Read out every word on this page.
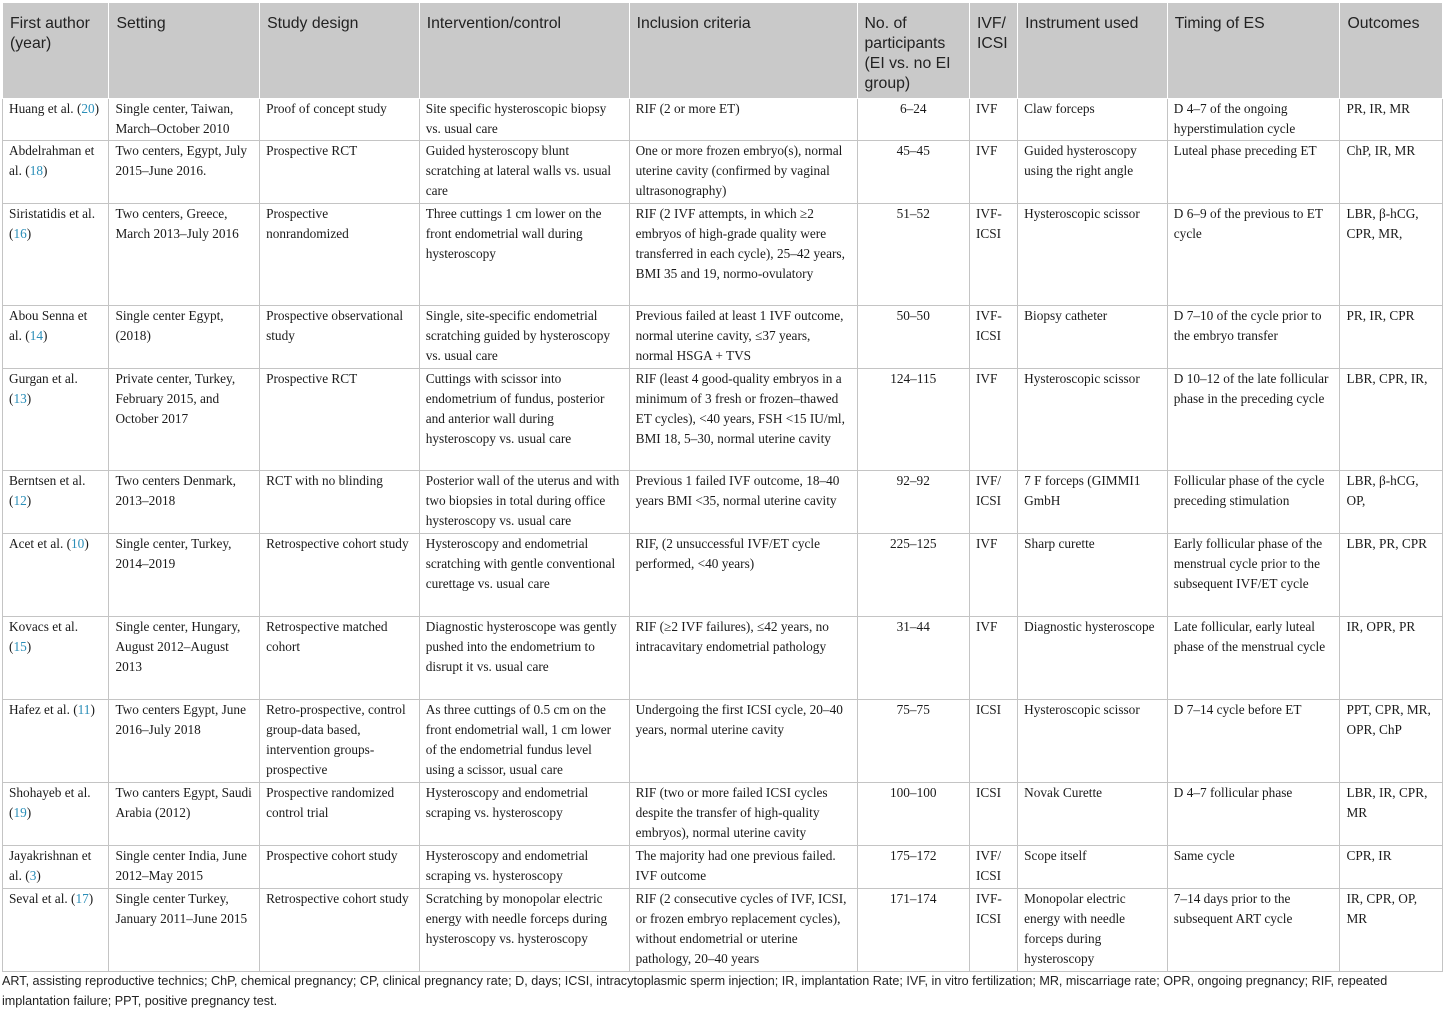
First author (year)	Setting	Study design	Intervention/control	Inclusion criteria	No. of participants (EI vs. no EI group)	IVF/ ICSI	Instrument used	Timing of ES	Outcomes
Huang et al. (20)	Single center, Taiwan, March–October 2010	Proof of concept study	Site specific hysteroscopic biopsy vs. usual care	RIF (2 or more ET)	6–24	IVF	Claw forceps	D 4–7 of the ongoing hyperstimulation cycle	PR, IR, MR
Abdelrahman et al. (18)	Two centers, Egypt, July 2015–June 2016.	Prospective RCT	Guided hysteroscopy blunt scratching at lateral walls vs. usual care	One or more frozen embryo(s), normal uterine cavity (confirmed by vaginal ultrasonography)	45–45	IVF	Guided hysteroscopy using the right angle	Luteal phase preceding ET	ChP, IR, MR
Siristatidis et al. (16)	Two centers, Greece, March 2013–July 2016	Prospective nonrandomized	Three cuttings 1 cm lower on the front endometrial wall during hysteroscopy	RIF (2 IVF attempts, in which ≥2 embryos of high-grade quality were transferred in each cycle), 25–42 years, BMI 35 and 19, normo-ovulatory	51–52	IVF-ICSI	Hysteroscopic scissor	D 6–9 of the previous to ET cycle	LBR, β-hCG, CPR, MR,
Abou Senna et al. (14)	Single center Egypt, (2018)	Prospective observational study	Single, site-specific endometrial scratching guided by hysteroscopy vs. usual care	Previous failed at least 1 IVF outcome, normal uterine cavity, ≤37 years, normal HSGA + TVS	50–50	IVF-ICSI	Biopsy catheter	D 7–10 of the cycle prior to the embryo transfer	PR, IR, CPR
Gurgan et al. (13)	Private center, Turkey, February 2015, and October 2017	Prospective RCT	Cuttings with scissor into endometrium of fundus, posterior and anterior wall during hysteroscopy vs. usual care	RIF (least 4 good-quality embryos in a minimum of 3 fresh or frozen–thawed ET cycles), <40 years, FSH <15 IU/ml, BMI 18, 5–30, normal uterine cavity	124–115	IVF	Hysteroscopic scissor	D 10–12 of the late follicular phase in the preceding cycle	LBR, CPR, IR,
Berntsen et al. (12)	Two centers Denmark, 2013–2018	RCT with no blinding	Posterior wall of the uterus and with two biopsies in total during office hysteroscopy vs. usual care	Previous 1 failed IVF outcome, 18–40 years BMI <35, normal uterine cavity	92–92	IVF/ ICSI	7 F forceps (GIMMI1 GmbH	Follicular phase of the cycle preceding stimulation	LBR, β-hCG, OP,
Acet et al. (10)	Single center, Turkey, 2014–2019	Retrospective cohort study	Hysteroscopy and endometrial scratching with gentle conventional curettage vs. usual care	RIF, (2 unsuccessful IVF/ET cycle performed, <40 years)	225–125	IVF	Sharp curette	Early follicular phase of the menstrual cycle prior to the subsequent IVF/ET cycle	LBR, PR, CPR
Kovacs et al. (15)	Single center, Hungary, August 2012–August 2013	Retrospective matched cohort	Diagnostic hysteroscope was gently pushed into the endometrium to disrupt it vs. usual care	RIF (≥2 IVF failures), ≤42 years, no intracavitary endometrial pathology	31–44	IVF	Diagnostic hysteroscope	Late follicular, early luteal phase of the menstrual cycle	IR, OPR, PR
Hafez et al. (11)	Two centers Egypt, June 2016–July 2018	Retro-prospective, control group-data based, intervention groups-prospective	As three cuttings of 0.5 cm on the front endometrial wall, 1 cm lower of the endometrial fundus level using a scissor, usual care	Undergoing the first ICSI cycle, 20–40 years, normal uterine cavity	75–75	ICSI	Hysteroscopic scissor	D 7–14 cycle before ET	PPT, CPR, MR, OPR, ChP
Shohayeb et al. (19)	Two canters Egypt, Saudi Arabia (2012)	Prospective randomized control trial	Hysteroscopy and endometrial scraping vs. hysteroscopy	RIF (two or more failed ICSI cycles despite the transfer of high-quality embryos), normal uterine cavity	100–100	ICSI	Novak Curette	D 4–7 follicular phase	LBR, IR, CPR, MR
Jayakrishnan et al. (3)	Single center India, June 2012–May 2015	Prospective cohort study	Hysteroscopy and endometrial scraping vs. hysteroscopy	The majority had one previous failed. IVF outcome	175–172	IVF/ ICSI	Scope itself	Same cycle	CPR, IR
Seval et al. (17)	Single center Turkey, January 2011–June 2015	Retrospective cohort study	Scratching by monopolar electric energy with needle forceps during hysteroscopy vs. hysteroscopy	RIF (2 consecutive cycles of IVF, ICSI, or frozen embryo replacement cycles), without endometrial or uterine pathology, 20–40 years	171–174	IVF-ICSI	Monopolar electric energy with needle forceps during hysteroscopy	7–14 days prior to the subsequent ART cycle	IR, CPR, OP, MR
ART, assisting reproductive technics; ChP, chemical pregnancy; CP, clinical pregnancy rate; D, days; ICSI, intracytoplasmic sperm injection; IR, implantation Rate; IVF, in vitro fertilization; MR, miscarriage rate; OPR, ongoing pregnancy; RIF, repeated implantation failure; PPT, positive pregnancy test.
